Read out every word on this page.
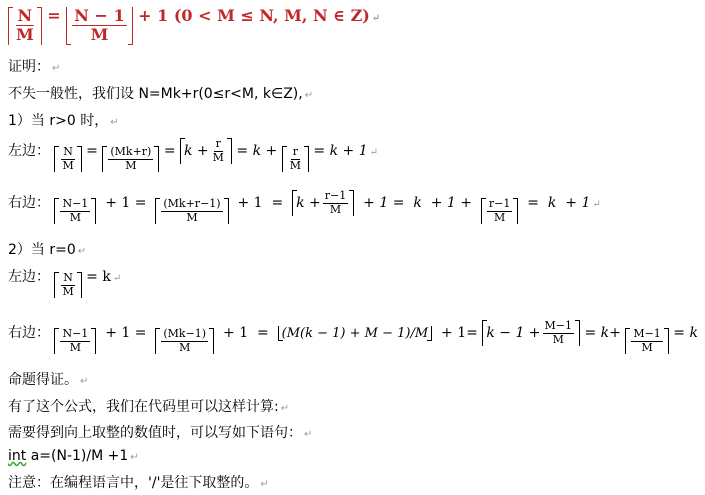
$\frac{N}{M} = \frac{N - 1}{M} + 1$ (0 < M ≤ N, M, N ∈ Z) ↵
证明： ↵
不失一般性，我们设 N=Mk+r(0≤r<M, k∈Z), ↵
1）当 r>0 时， ↵
左边： $\frac{N}{M} = \frac{(Mk+r)}{M} = k + \frac{r}{M} = k + \frac{r}{M} = k + 1$ ↵
右边： $\frac{N-1}{M} + 1 = \frac{(Mk+r-1)}{M} + 1 = k + \frac{r-1}{M} + 1 = k + 1 + \frac{r-1}{M} = k + 1$ ↵
2）当 r=0 ↵
左边： $\frac{N}{M} = k$ ↵
右边： $\frac{N-1}{M} + 1 = \frac{(Mk-1)}{M} + 1 = (M(k - 1) + M - 1)/M + 1= k - 1 + \frac{M-1}{M} = k+ \frac{M-1}{M} = k$
命题得证。 ↵
有了这个公式，我们在代码里可以这样计算: ↵
需要得到向上取整的数值时，可以写如下语句： ↵
int a=(N-1)/M +1 ↵
注意：在编程语言中，'/'是往下取整的。 ↵
